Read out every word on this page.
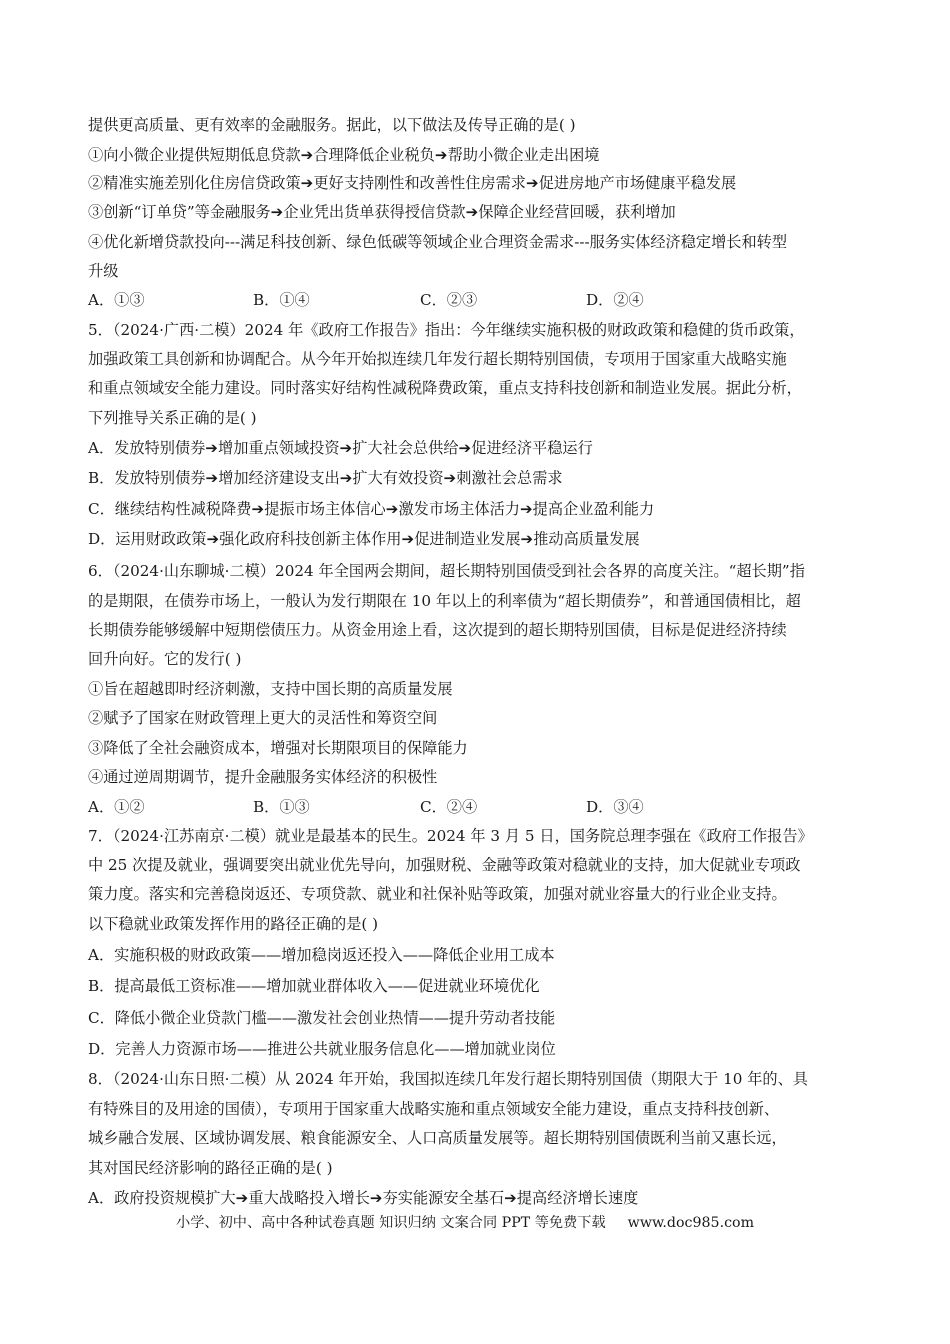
提供更高质量、更有效率的金融服务。据此，以下做法及传导正确的是( )
①向小微企业提供短期低息贷款➔合理降低企业税负➔帮助小微企业走出困境
②精准实施差别化住房信贷政策➔更好支持刚性和改善性住房需求➔促进房地产市场健康平稳发展
③创新“订单贷”等金融服务➔企业凭出货单获得授信贷款➔保障企业经营回暖，获利增加
④优化新增贷款投向---满足科技创新、绿色低碳等领域企业合理资金需求---服务实体经济稳定增长和转型
升级
A．①③	B．①④	C．②③	D．②④
5．（2024·广西·二模）2024 年《政府工作报告》指出：今年继续实施积极的财政政策和稳健的货币政策，
加强政策工具创新和协调配合。从今年开始拟连续几年发行超长期特别国债，专项用于国家重大战略实施
和重点领域安全能力建设。同时落实好结构性减税降费政策，重点支持科技创新和制造业发展。据此分析，
下列推导关系正确的是( )
A．发放特别债券➔增加重点领域投资➔扩大社会总供给➔促进经济平稳运行
B．发放特别债券➔增加经济建设支出➔扩大有效投资➔刺激社会总需求
C．继续结构性减税降费➔提振市场主体信心➔激发市场主体活力➔提高企业盈利能力
D．运用财政政策➔强化政府科技创新主体作用➔促进制造业发展➔推动高质量发展
6．（2024·山东聊城·二模）2024 年全国两会期间，超长期特别国债受到社会各界的高度关注。“超长期”指
的是期限，在债券市场上，一般认为发行期限在 10 年以上的利率债为“超长期债券”，和普通国债相比，超
长期债券能够缓解中短期偿债压力。从资金用途上看，这次提到的超长期特别国债，目标是促进经济持续
回升向好。它的发行( )
①旨在超越即时经济刺激，支持中国长期的高质量发展
②赋予了国家在财政管理上更大的灵活性和筹资空间
③降低了全社会融资成本，增强对长期限项目的保障能力
④通过逆周期调节，提升金融服务实体经济的积极性
A．①②	B．①③	C．②④	D．③④
7．（2024·江苏南京·二模）就业是最基本的民生。2024 年 3 月 5 日，国务院总理李强在《政府工作报告》
中 25 次提及就业，强调要突出就业优先导向，加强财税、金融等政策对稳就业的支持，加大促就业专项政
策力度。落实和完善稳岗返还、专项贷款、就业和社保补贴等政策，加强对就业容量大的行业企业支持。
以下稳就业政策发挥作用的路径正确的是( )
A．实施积极的财政政策——增加稳岗返还投入——降低企业用工成本
B．提高最低工资标准——增加就业群体收入——促进就业环境优化
C．降低小微企业贷款门槛——激发社会创业热情——提升劳动者技能
D．完善人力资源市场——推进公共就业服务信息化——增加就业岗位
8．（2024·山东日照·二模）从 2024 年开始，我国拟连续几年发行超长期特别国债（期限大于 10 年的、具
有特殊目的及用途的国债），专项用于国家重大战略实施和重点领域安全能力建设，重点支持科技创新、
城乡融合发展、区域协调发展、粮食能源安全、人口高质量发展等。超长期特别国债既利当前又惠长远，
其对国民经济影响的路径正确的是( )
A．政府投资规模扩大➔重大战略投入增长➔夯实能源安全基石➔提高经济增长速度
小学、初中、高中各种试卷真题 知识归纳 文案合同 PPT 等免费下载 www.doc985.com
